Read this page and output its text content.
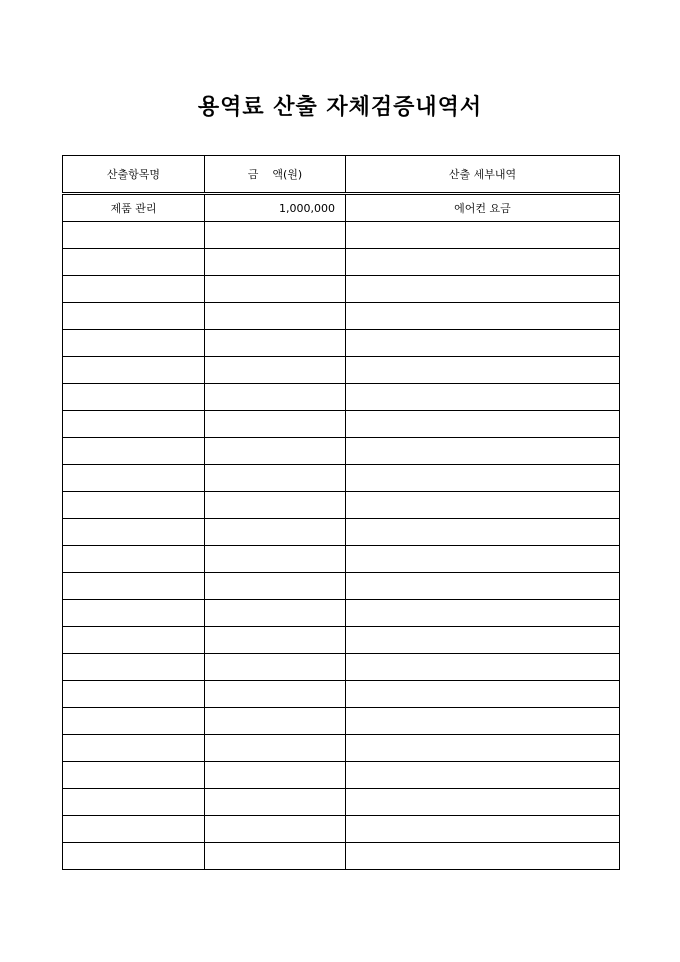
용역료 산출 자체검증내역서
산출항목명	금    액(원)	산출 세부내역
제품 관리	1,000,000	에어컨 요금
